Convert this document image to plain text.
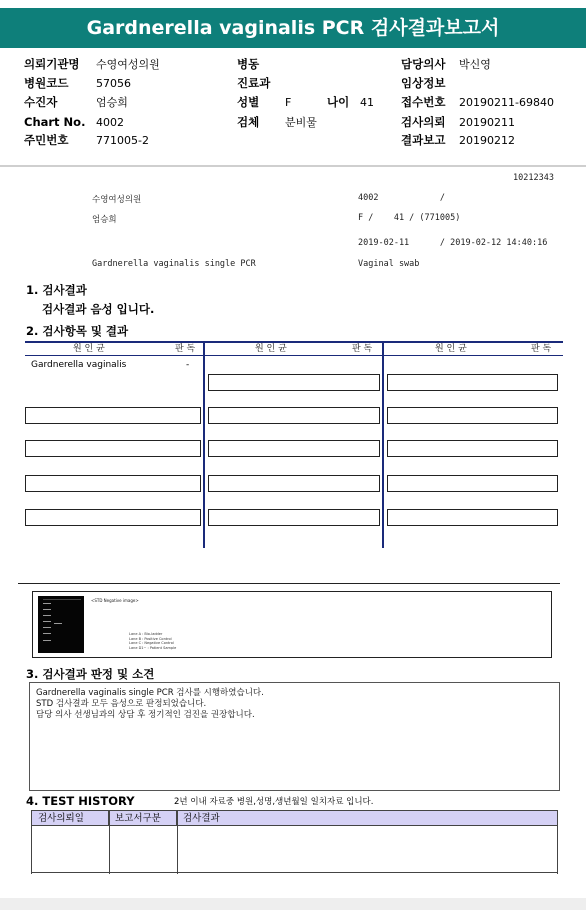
Gardnerella vaginalis PCR 검사결과보고서
의뢰기관명 수영여성의원	병동	담당의사 박신영
병원코드	57056	진료과	임상정보
수진자	엄승희	성별 F	나이 41 접수번호 20190211-69840
Chart No. 4002	검체 분비물	검사의뢰 20190211
주민번호	771005-2	결과보고 20190212
10212343
수영여성의원	4002            /
엄승희	F /    41 / (771005)
2019-02-11      / 2019-02-12 14:40:16
Gardnerella vaginalis single PCR	Vaginal swab
1. 검사결과
검사결과 음성 입니다.
2. 검사항목 및 결과
원 인 균	판 독	원 인 균	판 독	원 인 균	판 독
Gardnerella vaginalis	-
<STD Negative image>
Lane A : Bio-ladder
Lane B : Positive Control
Lane C : Negative Control
Lane D1~ : Patient Sample
3. 검사결과 판정 및 소견
Gardnerella vaginalis single PCR 검사를 시행하였습니다.
STD 검사결과 모두 음성으로 판정되었습니다.
담당 의사 선생님과의 상담 후 정기적인 검진을 권장합니다.
4. TEST HISTORY	2년 이내 자료중 병원,성명,생년월일 일치자료 입니다.
검사의뢰일	보고서구분	검사결과
